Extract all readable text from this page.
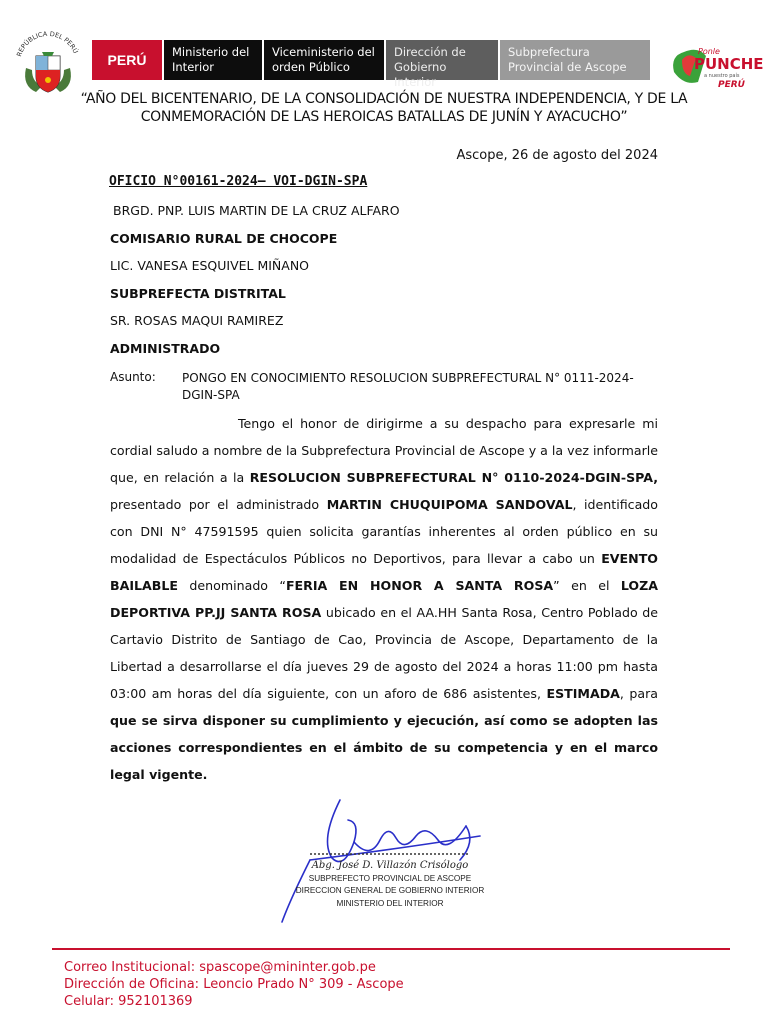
REPÚBLICA DEL PERÚ
PERÚ	Ministerio del Interior
Viceministerio del orden Público
Dirección de Gobierno Interior
Subprefectura Provincial de Ascope
Ponle
PUNCHE
a nuestro país
PERÚ
“AÑO DEL BICENTENARIO, DE LA CONSOLIDACIÓN DE NUESTRA INDEPENDENCIA, Y DE LA CONMEMORACIÓN DE LAS HEROICAS BATALLAS DE JUNÍN Y AYACUCHO”
Ascope, 26 de agosto del 2024
OFICIO N°00161-2024– VOI-DGIN-SPA
BRGD. PNP. LUIS MARTIN DE LA CRUZ ALFARO
COMISARIO RURAL DE CHOCOPE
LIC. VANESA ESQUIVEL MIÑANO
SUBPREFECTA DISTRITAL
SR. ROSAS MAQUI RAMIREZ
ADMINISTRADO
Asunto: PONGO EN CONOCIMIENTO RESOLUCION SUBPREFECTURAL N° 0111-2024-DGIN-SPA
Tengo el honor de dirigirme a su despacho para expresarle mi cordial saludo a nombre de la Subprefectura Provincial de Ascope y a la vez informarle que, en relación a la RESOLUCION SUBPREFECTURAL N° 0110-2024-DGIN-SPA, presentado por el administrado MARTIN CHUQUIPOMA SANDOVAL, identificado con DNI N° 47591595 quien solicita garantías inherentes al orden público en su modalidad de Espectáculos Públicos no Deportivos, para llevar a cabo un EVENTO BAILABLE denominado “FERIA EN HONOR A SANTA ROSA” en el LOZA DEPORTIVA PP.JJ SANTA ROSA ubicado en el AA.HH Santa Rosa, Centro Poblado de Cartavio Distrito de Santiago de Cao, Provincia de Ascope, Departamento de la Libertad a desarrollarse el día jueves 29 de agosto del 2024 a horas 11:00 pm hasta 03:00 am horas del día siguiente, con un aforo de 686 asistentes, ESTIMADA, para que se sirva disponer su cumplimiento y ejecución, así como se adopten las acciones correspondientes en el ámbito de su competencia y en el marco legal vigente.
Abg. José D. Villazón Crisólogo
SUBPREFECTO PROVINCIAL DE ASCOPE
DIRECCION GENERAL DE GOBIERNO INTERIOR
MINISTERIO DEL INTERIOR
Correo Institucional: spascope@mininter.gob.pe
Dirección de Oficina: Leoncio Prado N° 309 - Ascope
Celular: 952101369
